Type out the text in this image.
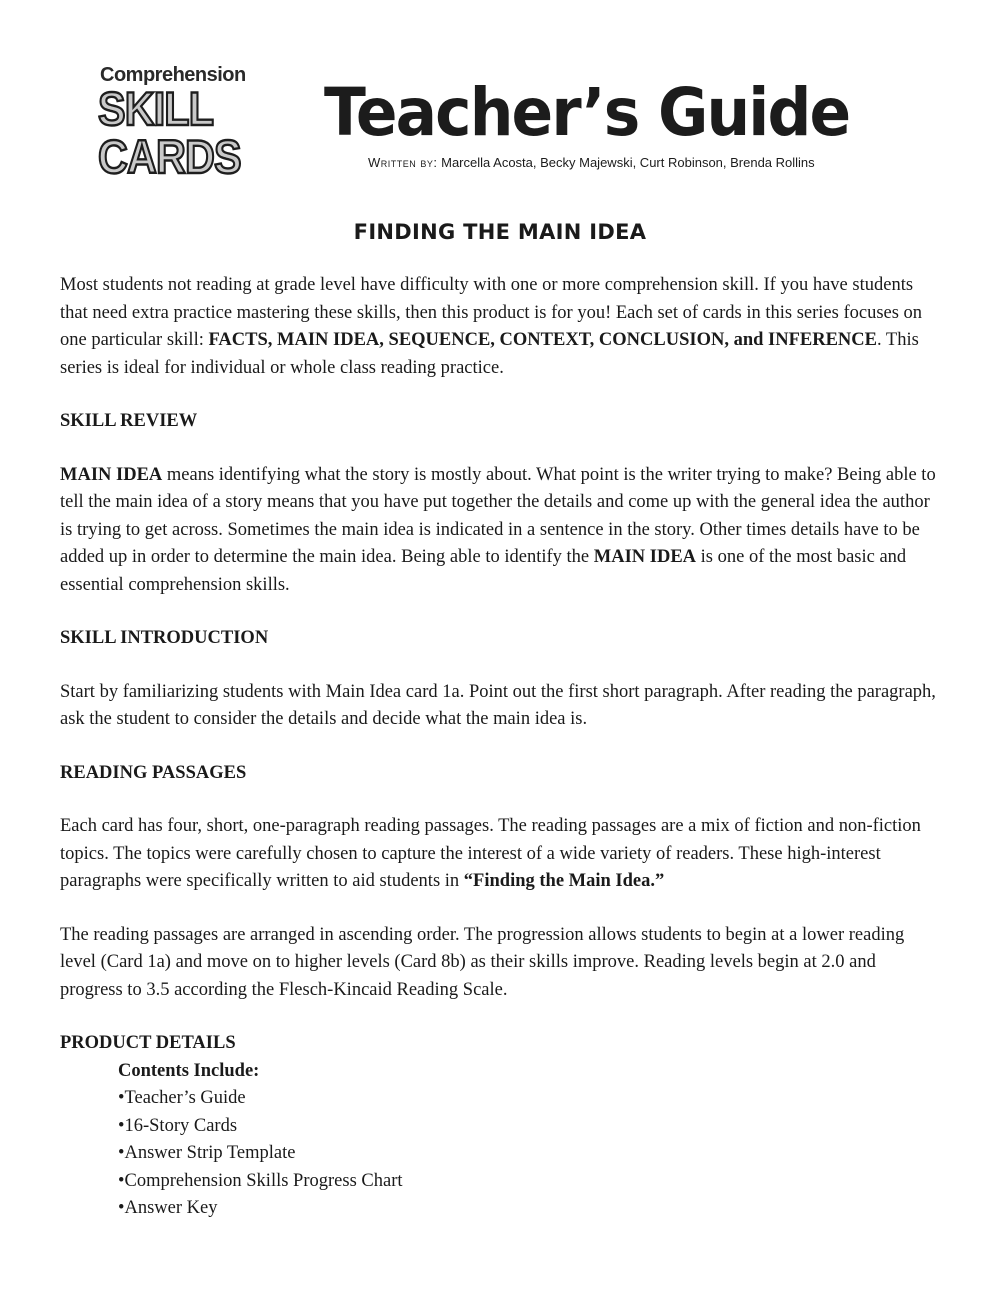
Comprehension
SKILL
CARDS
Teacher’s Guide
Written by: Marcella Acosta, Becky Majewski, Curt Robinson, Brenda Rollins
FINDING THE MAIN IDEA

Most students not reading at grade level have difficulty with one or more comprehension skill. If you have students that need extra practice mastering these skills, then this product is for you! Each set of cards in this series focuses on one particular skill: FACTS, MAIN IDEA, SEQUENCE, CONTEXT, CONCLUSION, and INFERENCE. This series is ideal for individual or whole class reading practice.

SKILL REVIEW

MAIN IDEA means identifying what the story is mostly about. What point is the writer trying to make? Being able to tell the main idea of a story means that you have put together the details and come up with the general idea the author is trying to get across. Sometimes the main idea is indicated in a sentence in the story. Other times details have to be added up in order to determine the main idea. Being able to identify the MAIN IDEA is one of the most basic and essential comprehension skills.

SKILL INTRODUCTION

Start by familiarizing students with Main Idea card 1a. Point out the first short paragraph. After reading the paragraph, ask the student to consider the details and decide what the main idea is.

READING PASSAGES

Each card has four, short, one-paragraph reading passages. The reading passages are a mix of fiction and non-fiction topics. The topics were carefully chosen to capture the interest of a wide variety of readers. These high-interest paragraphs were specifically written to aid students in “Finding the Main Idea.”

The reading passages are arranged in ascending order. The progression allows students to begin at a lower reading level (Card 1a) and move on to higher levels (Card 8b) as their skills improve. Reading levels begin at 2.0 and progress to 3.5 according the Flesch-Kincaid Reading Scale.

PRODUCT DETAILS
Contents Include:
• Teacher’s Guide
• 16-Story Cards
• Answer Strip Template
• Comprehension Skills Progress Chart
• Answer Key
